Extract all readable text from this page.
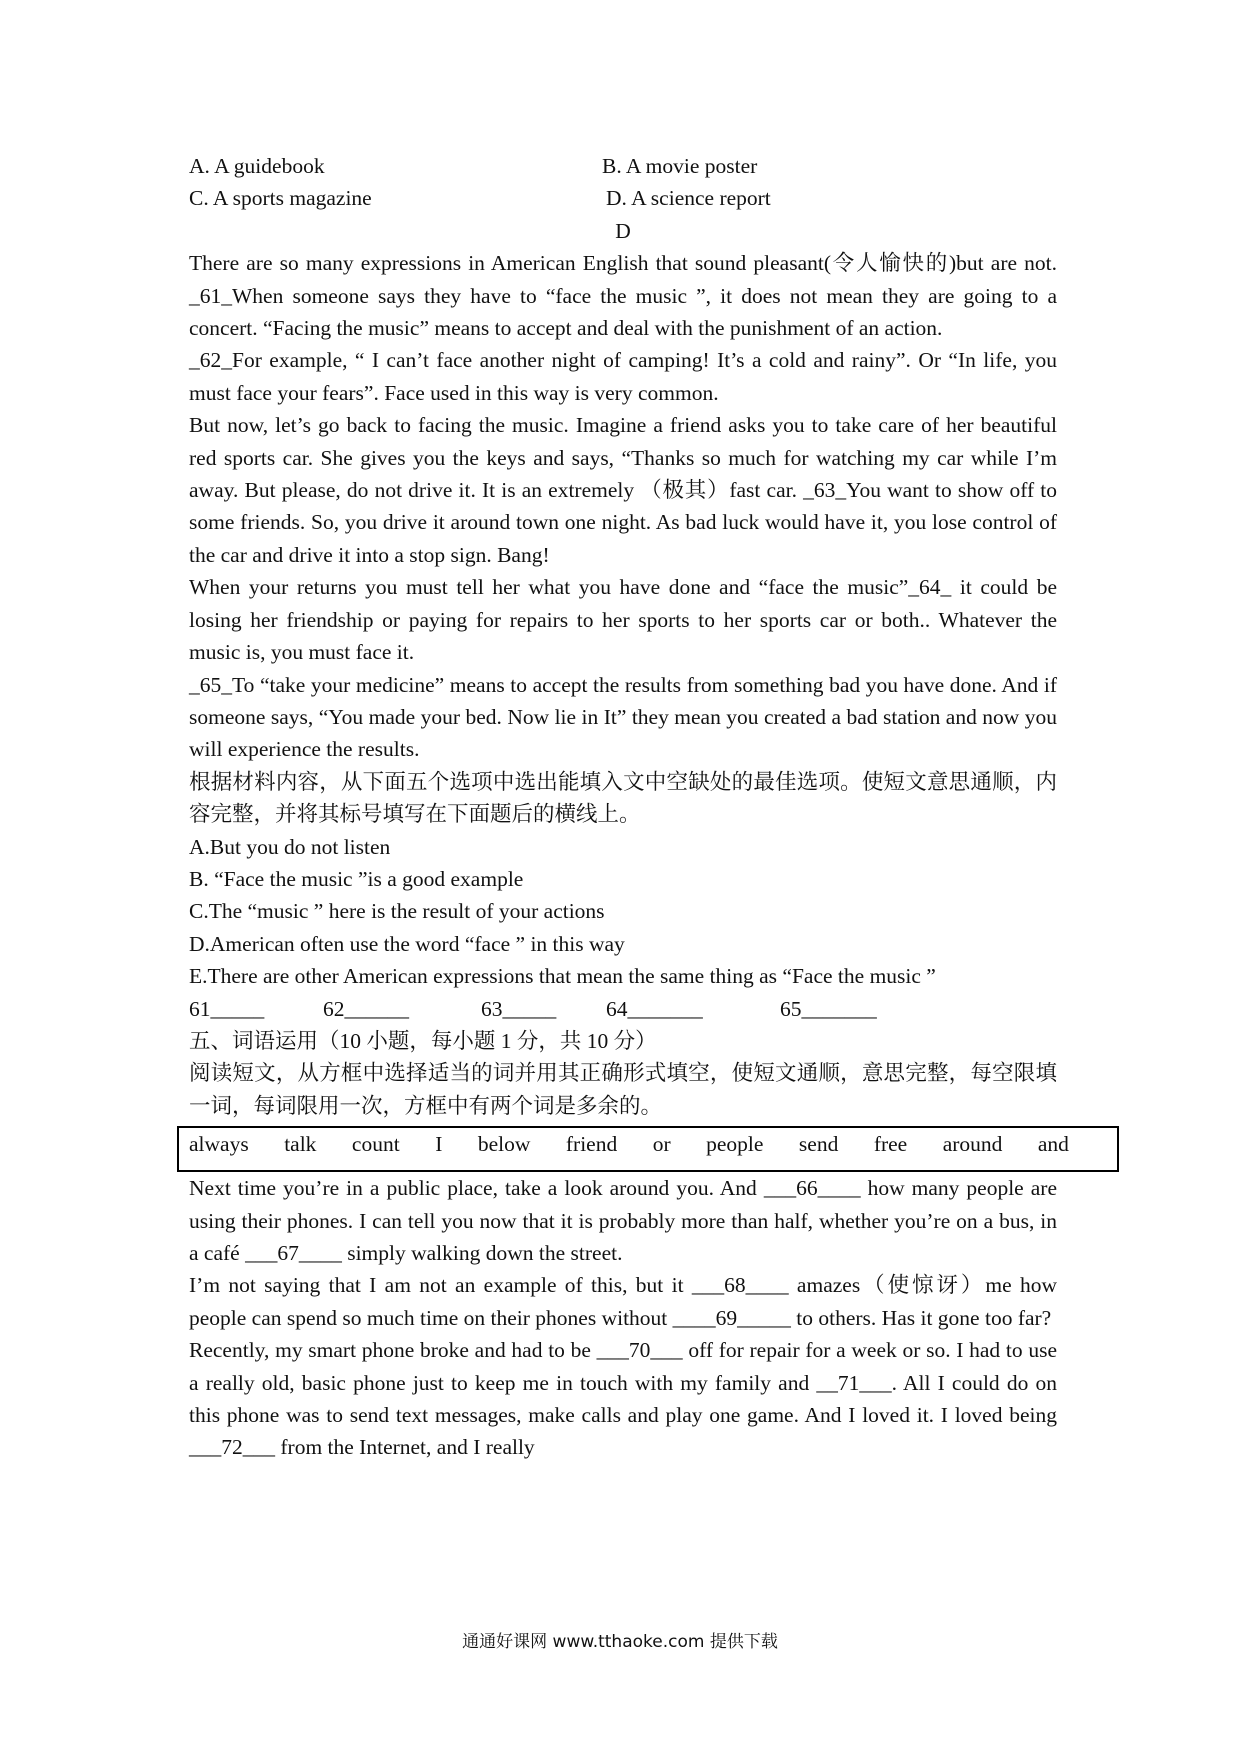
A. A guidebook	B. A movie poster
C. A sports magazine	D. A science report
D
There are so many expressions in American English that sound pleasant(令人愉快的)but are not. _61_When someone says they have to “face the music ”, it does not mean they are going to a concert. “Facing the music” means to accept and deal with the punishment of an action.
_62_For example, “ I can’t face another night of camping! It’s a cold and rainy”. Or “In life, you must face your fears”. Face used in this way is very common.
But now, let’s go back to facing the music. Imagine a friend asks you to take care of her beautiful red sports car. She gives you the keys and says, “Thanks so much for watching my car while I’m away. But please, do not drive it. It is an extremely （极其）fast car. _63_You want to show off to some friends. So, you drive it around town one night. As bad luck would have it, you lose control of the car and drive it into a stop sign. Bang!
When your returns you must tell her what you have done and “face the music”_64_ it could be losing her friendship or paying for repairs to her sports to her sports car or both.. Whatever the music is, you must face it.
_65_To “take your medicine” means to accept the results from something bad you have done. And if someone says, “You made your bed. Now lie in It” they mean you created a bad station and now you will experience the results.
根据材料内容，从下面五个选项中选出能填入文中空缺处的最佳选项。使短文意思通顺，内容完整，并将其标号填写在下面题后的横线上。
A.But you do not listen
B. “Face the music ”is a good example
C.The “music ” here is the result of your actions
D.American often use the word “face ” in this way
E.There are other American expressions that mean the same thing as “Face the music ”
61_____	62______	63_____	64_______	65_______
五、词语运用（10 小题，每小题 1 分，共 10 分）
阅读短文，从方框中选择适当的词并用其正确形式填空，使短文通顺，意思完整，每空限填一词，每词限用一次，方框中有两个词是多余的。
always talk count I below friend or people send free around and
Next time you’re in a public place, take a look around you. And ___66____ how many people are using their phones. I can tell you now that it is probably more than half, whether you’re on a bus, in a café ___67____ simply walking down the street.
I’m not saying that I am not an example of this, but it ___68____ amazes（使惊讶）me how people can spend so much time on their phones without ____69_____ to others. Has it gone too far?
Recently, my smart phone broke and had to be ___70___ off for repair for a week or so. I had to use a really old, basic phone just to keep me in touch with my family and __71___. All I could do on this phone was to send text messages, make calls and play one game. And I loved it. I loved being ___72___ from the Internet, and I really
通通好课网 www.tthaoke.com 提供下载
